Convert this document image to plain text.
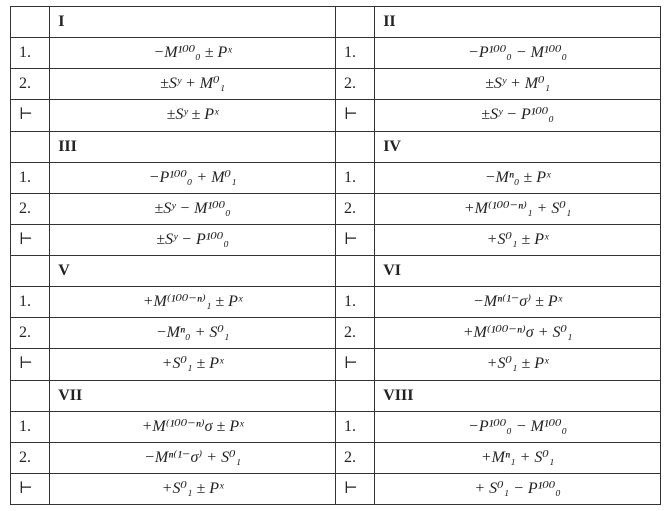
	I		II
1.	−M¹⁰⁰₀ ± Pˣ	1.	−P¹⁰⁰₀ − M¹⁰⁰₀
2.	±Sʸ + M⁰₁	2.	±Sʸ + M⁰₁
⊢	±Sʸ ± Pˣ	⊢	±Sʸ − P¹⁰⁰₀
	III		IV
1.	−P¹⁰⁰₀ + M⁰₁	1.	−Mⁿ₀ ± Pˣ
2.	±Sʸ − M¹⁰⁰₀	2.	+M⁽¹⁰⁰⁻ⁿ⁾₁ + S⁰₁
⊢	±Sʸ − P¹⁰⁰₀	⊢	+S⁰₁ ± Pˣ
	V		VI
1.	+M⁽¹⁰⁰⁻ⁿ⁾₁ ± Pˣ	1.	−Mⁿ⁽¹⁻σ⁾ ± Pˣ
2.	−Mⁿ₀ + S⁰₁	2.	+M⁽¹⁰⁰⁻ⁿ⁾σ + S⁰₁
⊢	+S⁰₁ ± Pˣ	⊢	+S⁰₁ ± Pˣ
	VII		VIII
1.	+M⁽¹⁰⁰⁻ⁿ⁾σ ± Pˣ	1.	−P¹⁰⁰₀ − M¹⁰⁰₀
2.	−Mⁿ⁽¹⁻σ⁾ + S⁰₁	2.	+Mⁿ₁ + S⁰₁
⊢	+S⁰₁ ± Pˣ	⊢	+ S⁰₁ − P¹⁰⁰₀
